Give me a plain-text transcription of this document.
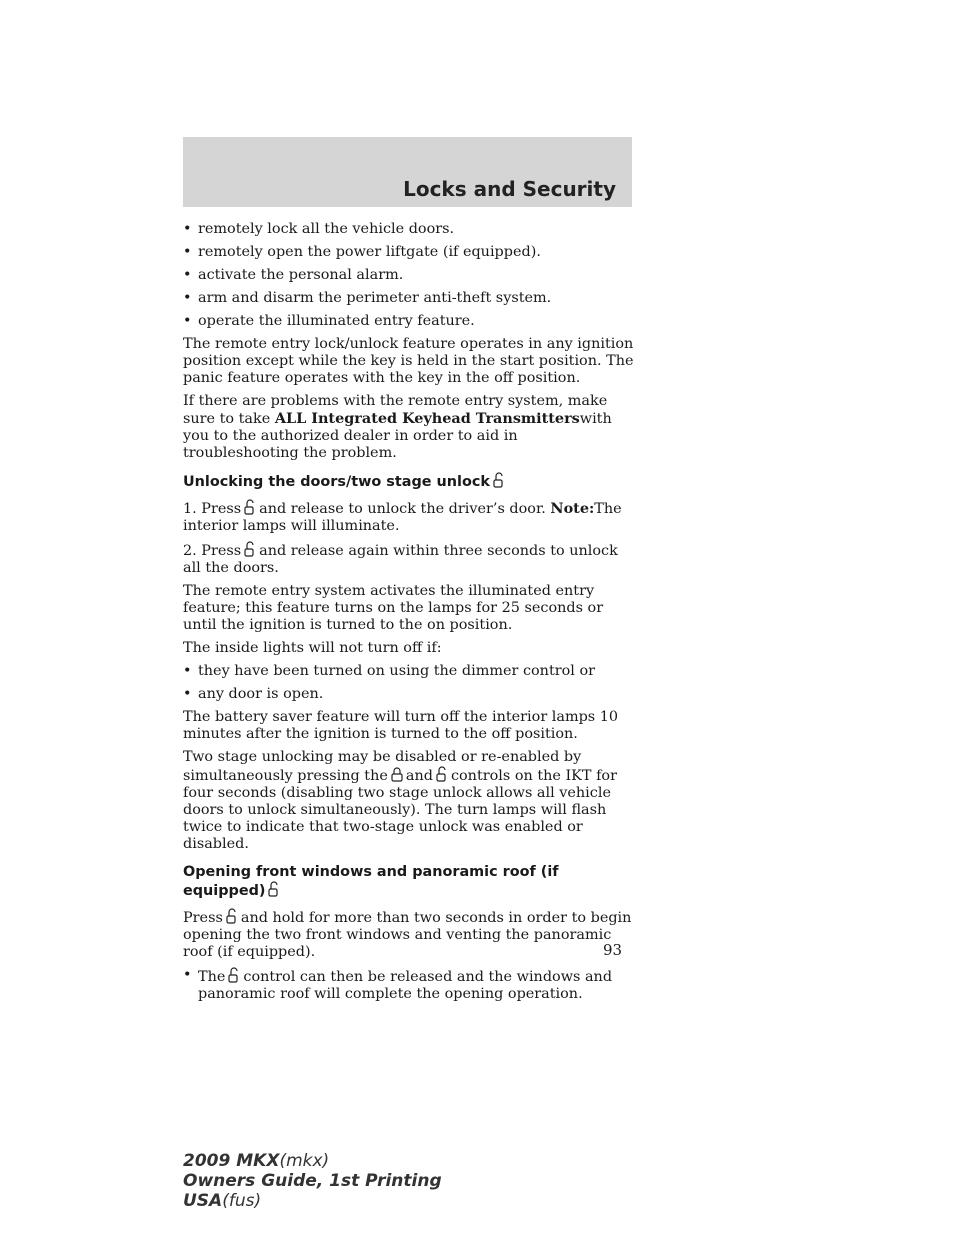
Locks and Security
• remotely lock all the vehicle doors.
• remotely open the power liftgate (if equipped).
• activate the personal alarm.
• arm and disarm the perimeter anti-theft system.
• operate the illuminated entry feature.

The remote entry lock/unlock feature operates in any ignition position except while the key is held in the start position. The panic feature operates with the key in the off position.

If there are problems with the remote entry system, make sure to take ALL Integrated Keyhead Transmitterswith you to the authorized dealer in order to aid in troubleshooting the problem.

Unlocking the doors/two stage unlock

1. Press and release to unlock the driver’s door. Note:The interior lamps will illuminate.

2. Press and release again within three seconds to unlock all the doors.

The remote entry system activates the illuminated entry feature; this feature turns on the lamps for 25 seconds or until the ignition is turned to the on position.

The inside lights will not turn off if:

• they have been turned on using the dimmer control or
• any door is open.

The battery saver feature will turn off the interior lamps 10 minutes after the ignition is turned to the off position.

Two stage unlocking may be disabled or re-enabled by simultaneously pressing the and controls on the IKT for four seconds (disabling two stage unlock allows all vehicle doors to unlock simultaneously). The turn lamps will flash twice to indicate that two-stage unlock was enabled or disabled.

Opening front windows and panoramic roof (if equipped)

Press and hold for more than two seconds in order to begin opening the two front windows and venting the panoramic roof (if equipped).

• The control can then be released and the windows and panoramic roof will complete the opening operation.
93
2009 MKX(mkx)
Owners Guide, 1st Printing
USA(fus)
